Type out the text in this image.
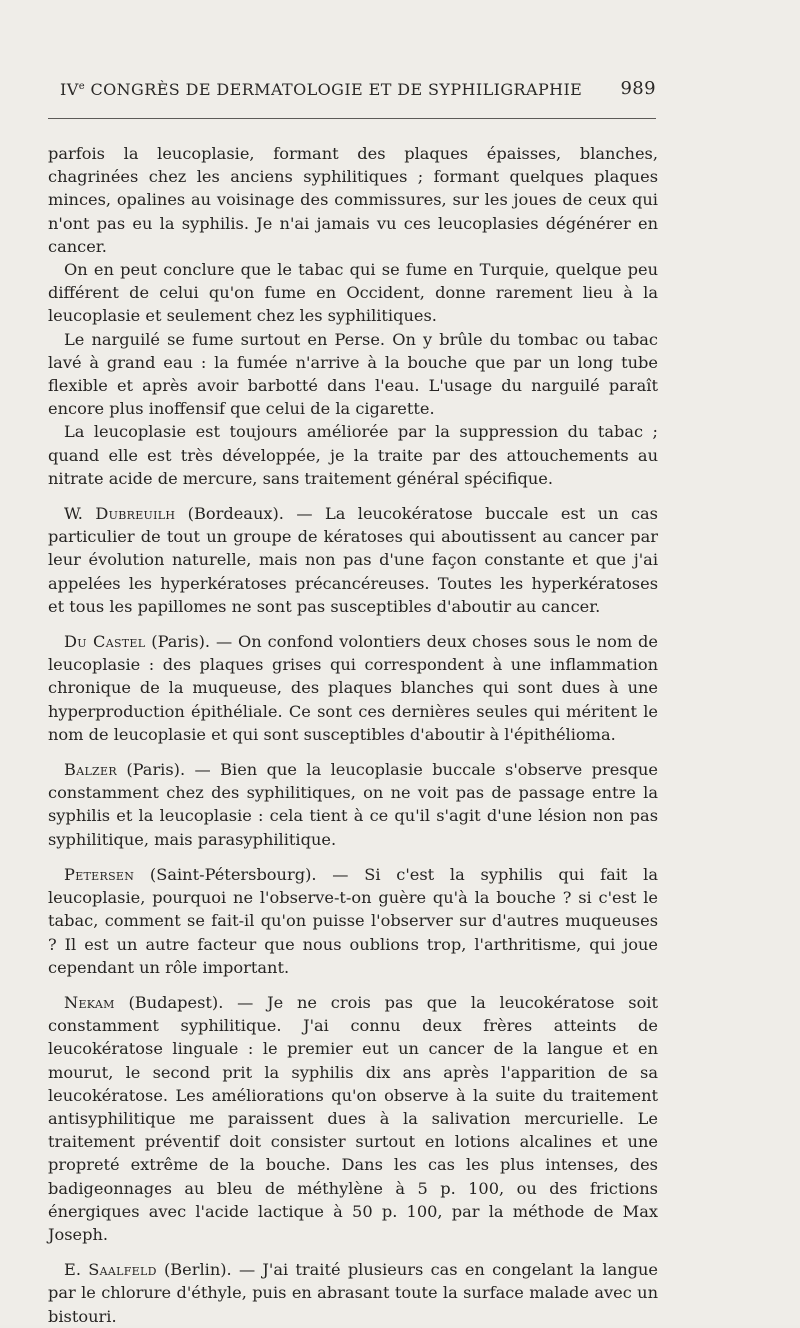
IVe CONGRÈS DE DERMATOLOGIE ET DE SYPHILIGRAPHIE 989

parfois la leucoplasie, formant des plaques épaisses, blanches, chagrinées chez les anciens syphilitiques ; formant quelques plaques minces, opalines au voisinage des commissures, sur les joues de ceux qui n'ont pas eu la syphilis. Je n'ai jamais vu ces leucoplasies dégénérer en cancer.

On en peut conclure que le tabac qui se fume en Turquie, quelque peu différent de celui qu'on fume en Occident, donne rarement lieu à la leucoplasie et seulement chez les syphilitiques.

Le narguilé se fume surtout en Perse. On y brûle du tombac ou tabac lavé à grand eau : la fumée n'arrive à la bouche que par un long tube flexible et après avoir barbotté dans l'eau. L'usage du narguilé paraît encore plus inoffensif que celui de la cigarette.

La leucoplasie est toujours améliorée par la suppression du tabac ; quand elle est très développée, je la traite par des attouchements au nitrate acide de mercure, sans traitement général spécifique.

W. Dubreuilh (Bordeaux). — La leucokératose buccale est un cas particulier de tout un groupe de kératoses qui aboutissent au cancer par leur évolution naturelle, mais non pas d'une façon constante et que j'ai appelées les hyperkératoses précancéreuses. Toutes les hyperkératoses et tous les papillomes ne sont pas susceptibles d'aboutir au cancer.

Du Castel (Paris). — On confond volontiers deux choses sous le nom de leucoplasie : des plaques grises qui correspondent à une inflammation chronique de la muqueuse, des plaques blanches qui sont dues à une hyperproduction épithéliale. Ce sont ces dernières seules qui méritent le nom de leucoplasie et qui sont susceptibles d'aboutir à l'épithélioma.

Balzer (Paris). — Bien que la leucoplasie buccale s'observe presque constamment chez des syphilitiques, on ne voit pas de passage entre la syphilis et la leucoplasie : cela tient à ce qu'il s'agit d'une lésion non pas syphilitique, mais parasyphilitique.

Petersen (Saint-Pétersbourg). — Si c'est la syphilis qui fait la leucoplasie, pourquoi ne l'observe-t-on guère qu'à la bouche ? si c'est le tabac, comment se fait-il qu'on puisse l'observer sur d'autres muqueuses ? Il est un autre facteur que nous oublions trop, l'arthritisme, qui joue cependant un rôle important.

Nekam (Budapest). — Je ne crois pas que la leucokératose soit constamment syphilitique. J'ai connu deux frères atteints de leucokératose linguale : le premier eut un cancer de la langue et en mourut, le second prit la syphilis dix ans après l'apparition de sa leucokératose. Les améliorations qu'on observe à la suite du traitement antisyphilitique me paraissent dues à la salivation mercurielle. Le traitement préventif doit consister surtout en lotions alcalines et une propreté extrême de la bouche. Dans les cas les plus intenses, des badigeonnages au bleu de méthylène à 5 p. 100, ou des frictions énergiques avec l'acide lactique à 50 p. 100, par la méthode de Max Joseph.

E. Saalfeld (Berlin). — J'ai traité plusieurs cas en congelant la langue par le chlorure d'éthyle, puis en abrasant toute la surface malade avec un bistouri.
